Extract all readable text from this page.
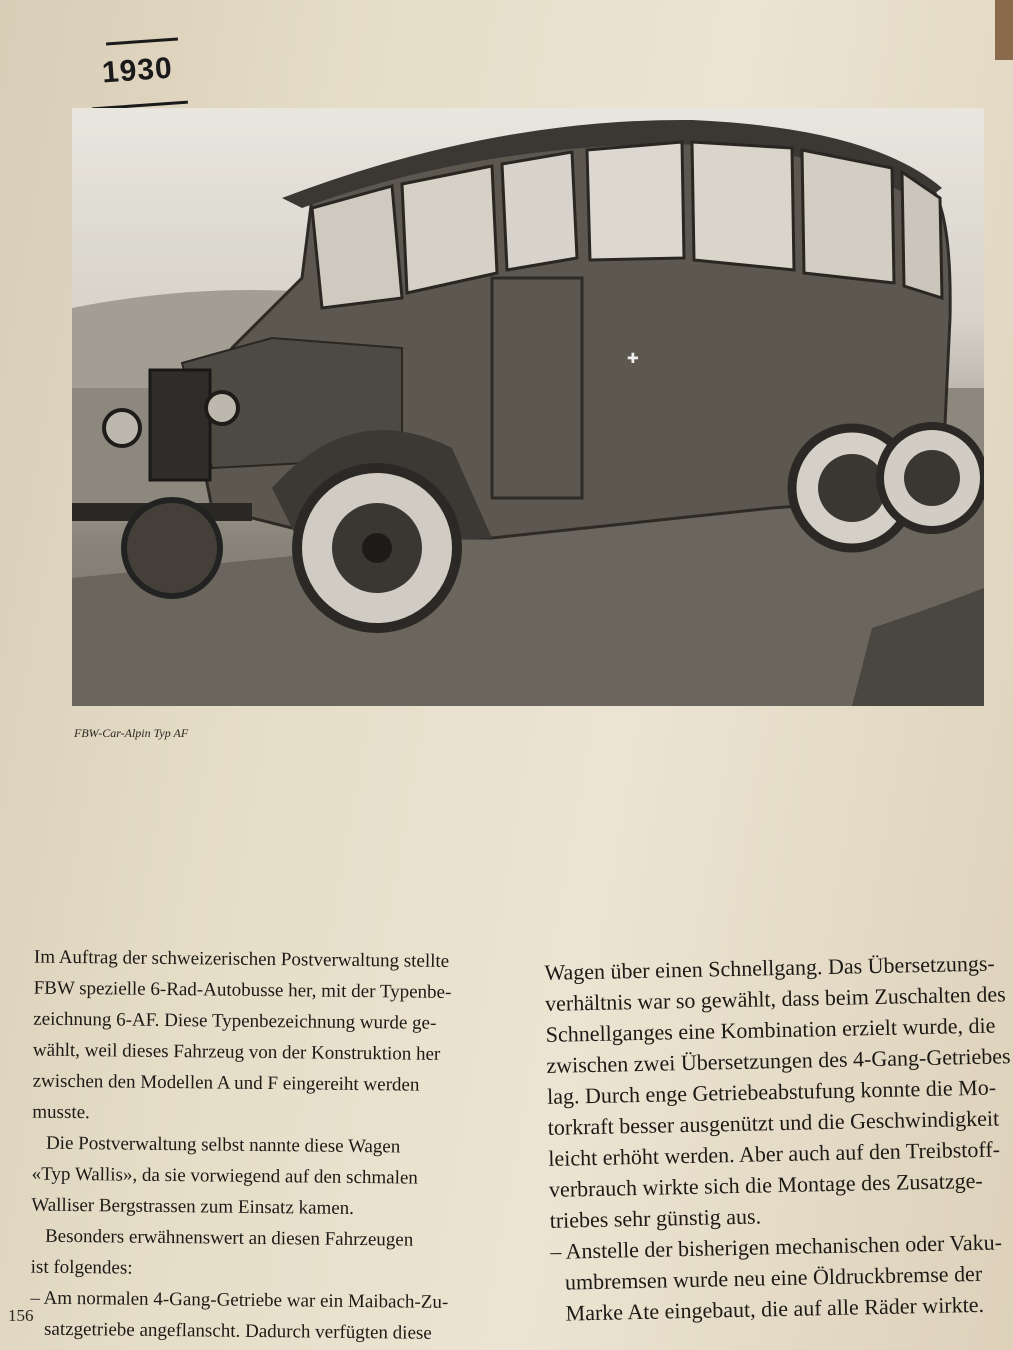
1930
✚
FBW-Car-Alpin Typ AF
Im Auftrag der schweizerischen Postverwaltung stellte
FBW spezielle 6-Rad-Autobusse her, mit der Typenbe-
zeichnung 6-AF. Diese Typenbezeichnung wurde ge-
wählt, weil dieses Fahrzeug von der Konstruktion her
zwischen den Modellen A und F eingereiht werden
musste.
Die Postverwaltung selbst nannte diese Wagen
«Typ Wallis», da sie vorwiegend auf den schmalen
Walliser Bergstrassen zum Einsatz kamen.
Besonders erwähnenswert an diesen Fahrzeugen
ist folgendes:
– Am normalen 4-Gang-Getriebe war ein Maibach-Zu-
satzgetriebe angeflanscht. Dadurch verfügten diese
Wagen über einen Schnellgang. Das Übersetzungs-
verhältnis war so gewählt, dass beim Zuschalten des
Schnellganges eine Kombination erzielt wurde, die
zwischen zwei Übersetzungen des 4-Gang-Getriebes
lag. Durch enge Getriebeabstufung konnte die Mo-
torkraft besser ausgenützt und die Geschwindigkeit
leicht erhöht werden. Aber auch auf den Treibstoff-
verbrauch wirkte sich die Montage des Zusatzge-
triebes sehr günstig aus.
– Anstelle der bisherigen mechanischen oder Vaku-
umbremsen wurde neu eine Öldruckbremse der
Marke Ate eingebaut, die auf alle Räder wirkte.
156
